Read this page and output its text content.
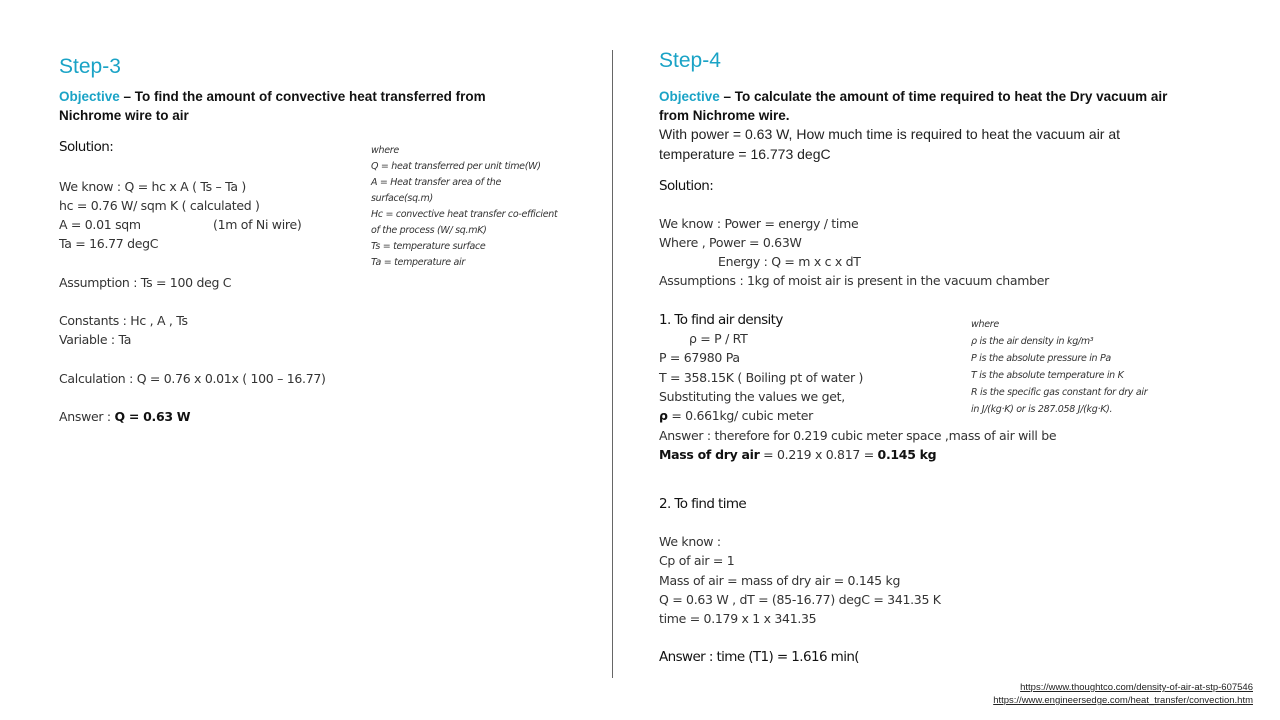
Step-3
Objective – To find the amount of convective heat transferred from Nichrome wire to air
Solution:
We know : Q = hc x A ( Ts – Ta )
hc = 0.76 W/ sqm K ( calculated )
A = 0.01 sqm	(1m of Ni wire)
Ta = 16.77 degC
Assumption : Ts = 100 deg C
Constants : Hc , A , Ts
Variable : Ta
Calculation : Q = 0.76 x 0.01x ( 100 – 16.77)
Answer : Q = 0.63 W
where
Q = heat transferred per unit time(W)
A = Heat transfer area of the
surface(sq.m)
Hc = convective heat transfer co-efficient
of the process (W/ sq.mK)
Ts = temperature surface
Ta = temperature air
Step-4
Objective – To calculate the amount of time required to heat the Dry vacuum air from Nichrome wire.
With power = 0.63 W, How much time is required to heat the vacuum air at temperature = 16.773 degC
Solution:
We know : Power = energy / time
Where , Power = 0.63W
Energy : Q = m x c x dT
Assumptions : 1kg of moist air is present in the vacuum chamber
1. To find air density
ρ = P / RT
P = 67980 Pa
T = 358.15K ( Boiling pt of water )
Substituting the values we get,
ρ = 0.661kg/ cubic meter
Answer : therefore for 0.219 cubic meter space ,mass of air will be
Mass of dry air = 0.219 x 0.817 = 0.145 kg
2. To find time
We know :
Cp of air = 1
Mass of air = mass of dry air = 0.145 kg
Q = 0.63 W , dT = (85-16.77) degC = 341.35 K
time = 0.179 x 1 x 341.35
Answer : time (T1) = 1.616 min(
where
ρ is the air density in kg/m³
P is the absolute pressure in Pa
T is the absolute temperature in K
R is the specific gas constant for dry air
in J/(kg·K) or is 287.058 J/(kg·K).
https://www.thoughtco.com/density-of-air-at-stp-607546
https://www.engineersedge.com/heat_transfer/convection.htm
